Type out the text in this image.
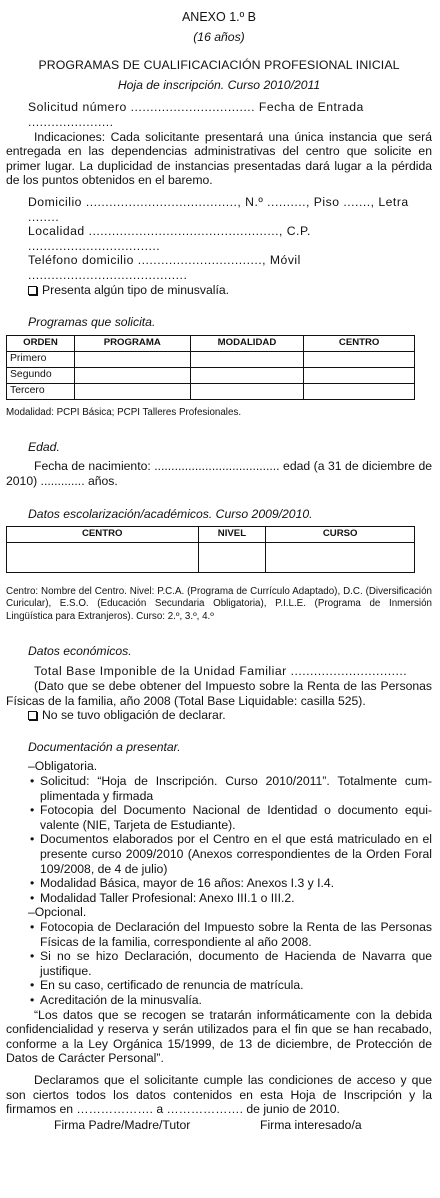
ANEXO 1.º B

(16 años)

PROGRAMAS DE CUALIFICACIACIÓN PROFESIONAL INICIAL

Hoja de inscripción. Curso 2010/2011

Solicitud número ................................ Fecha de Entrada ......................

Indicaciones: Cada solicitante presentará una única instancia que será entregada en las dependencias administrativas del centro que solicite en primer lugar. La duplicidad de instancias presentadas dará lugar a la pérdida de los puntos obtenidos en el baremo.

Domicilio ......................................., N.º .........., Piso ......., Letra ........

Localidad ................................................., C.P. ..................................

Teléfono domicilio ................................, Móvil .........................................

Presenta algún tipo de minusvalía.

Programas que solicita.

ORDEN	PROGRAMA	MODALIDAD	CENTRO
Primero			
Segundo			
Tercero			

Modalidad: PCPI Básica; PCPI Talleres Profesionales.

Edad.

Fecha de nacimiento: ..................................... edad (a 31 de diciembre de 2010) ............. años.

Datos escolarización/académicos. Curso 2009/2010.

CENTRO	NIVEL	CURSO

Centro: Nombre del Centro. Nivel: P.C.A. (Programa de Currículo Adaptado), D.C. (Diversificación Curicular), E.S.O. (Educación Secundaria Obligatoria), P.I.L.E. (Programa de Inmersión Lingüística para Extranjeros). Curso: 2.º, 3.º, 4.º

Datos económicos.

Total Base Imponible de la Unidad Familiar ..............................

(Dato que se debe obtener del Impuesto sobre la Renta de las Personas Físicas de la familia, año 2008 (Total Base Liquidable: casilla 525).

No se tuvo obligación de declarar.

Documentación a presentar.

–Obligatoria.

• Solicitud: “Hoja de Inscripción. Curso 2010/2011”. Totalmente cumplimentada y firmada
• Fotocopia del Documento Nacional de Identidad o documento equivalente (NIE, Tarjeta de Estudiante).
• Documentos elaborados por el Centro en el que está matriculado en el presente curso 2009/2010 (Anexos correspondientes de la Orden Foral 109/2008, de 4 de julio)
• Modalidad Básica, mayor de 16 años: Anexos I.3 y I.4.
• Modalidad Taller Profesional: Anexo III.1 o III.2.

–Opcional.

• Fotocopia de Declaración del Impuesto sobre la Renta de las Personas Físicas de la familia, correspondiente al año 2008.
• Si no se hizo Declaración, documento de Hacienda de Navarra que justifique.
• En su caso, certificado de renuncia de matrícula.
• Acreditación de la minusvalía.

“Los datos que se recogen se tratarán informáticamente con la debida confidencialidad y reserva y serán utilizados para el fin que se han recabado, conforme a la Ley Orgánica 15/1999, de 13 de diciembre, de Protección de Datos de Carácter Personal”.

Declaramos que el solicitante cumple las condiciones de acceso y que son ciertos todos los datos contenidos en esta Hoja de Inscripción y la firmamos en ………………. a ………………. de junio de 2010.

Firma Padre/Madre/Tutor	Firma interesado/a
